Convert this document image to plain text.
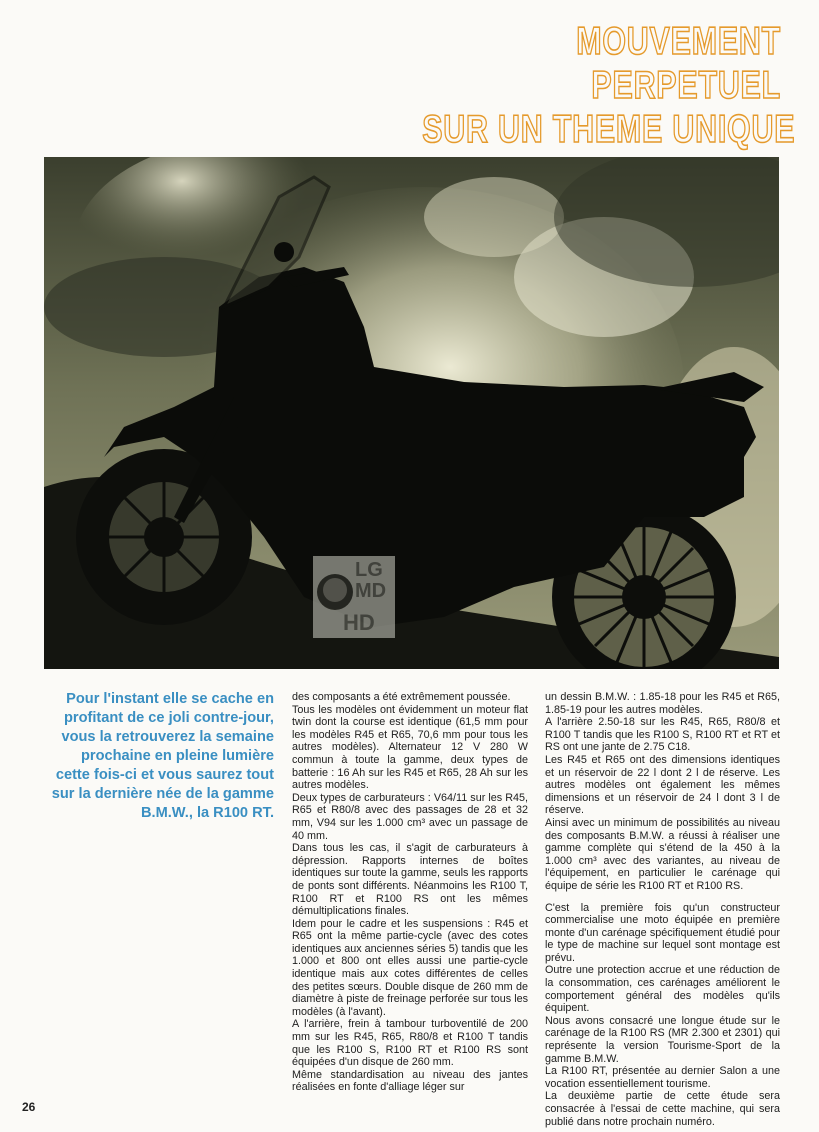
MOUVEMENT
PERPETUEL
SUR UN THEME UNIQUE
LG
MD
HD
Pour l'instant elle se cache en profitant de ce joli contre-jour, vous la retrouverez la semaine prochaine en pleine lumière cette fois-ci et vous saurez tout sur la dernière née de la gamme B.M.W., la R100 RT.

des composants a été extrêmement poussée.

Tous les modèles ont évidemment un moteur flat twin dont la course est identique (61,5 mm pour les modèles R45 et R65, 70,6 mm pour tous les autres modèles). Alternateur 12 V 280 W commun à toute la gamme, deux types de batterie : 16 Ah sur les R45 et R65, 28 Ah sur les autres modèles.

Deux types de carburateurs : V64/11 sur les R45, R65 et R80/8 avec des passages de 28 et 32 mm, V94 sur les 1.000 cm³ avec un passage de 40 mm.

Dans tous les cas, il s'agit de carburateurs à dépression. Rapports internes de boîtes identiques sur toute la gamme, seuls les rapports de ponts sont différents. Néanmoins les R100 T, R100 RT et R100 RS ont les mêmes démultiplications finales.

Idem pour le cadre et les suspensions : R45 et R65 ont la même partie-cycle (avec des cotes identiques aux anciennes séries 5) tandis que les 1.000 et 800 ont elles aussi une partie-cycle identique mais aux cotes différentes de celles des petites sœurs. Double disque de 260 mm de diamètre à piste de freinage perforée sur tous les modèles (à l'avant).

A l'arrière, frein à tambour turboventilé de 200 mm sur les R45, R65, R80/8 et R100 T tandis que les R100 S, R100 RT et R100 RS sont équipées d'un disque de 260 mm.

Même standardisation au niveau des jantes réalisées en fonte d'alliage léger sur

un dessin B.M.W. : 1.85-18 pour les R45 et R65, 1.85-19 pour les autres modèles.

A l'arrière 2.50-18 sur les R45, R65, R80/8 et R100 T tandis que les R100 S, R100 RT et RT et RS ont une jante de 2.75 C18.

Les R45 et R65 ont des dimensions identiques et un réservoir de 22 l dont 2 l de réserve. Les autres modèles ont également les mêmes dimensions et un réservoir de 24 l dont 3 l de réserve.

Ainsi avec un minimum de possibilités au niveau des composants B.M.W. a réussi à réaliser une gamme complète qui s'étend de la 450 à la 1.000 cm³ avec des variantes, au niveau de l'équipement, en particulier le carénage qui équipe de série les R100 RT et R100 RS.

C'est la première fois qu'un constructeur commercialise une moto équipée en première monte d'un carénage spécifiquement étudié pour le type de machine sur lequel sont montage est prévu.

Outre une protection accrue et une réduction de la consommation, ces carénages améliorent le comportement général des modèles qu'ils équipent.

Nous avons consacré une longue étude sur le carénage de la R100 RS (MR 2.300 et 2301) qui représente la version Tourisme-Sport de la gamme B.M.W.

La R100 RT, présentée au dernier Salon a une vocation essentiellement tourisme.

La deuxième partie de cette étude sera consacrée à l'essai de cette machine, qui sera publié dans notre prochain numéro.

26
